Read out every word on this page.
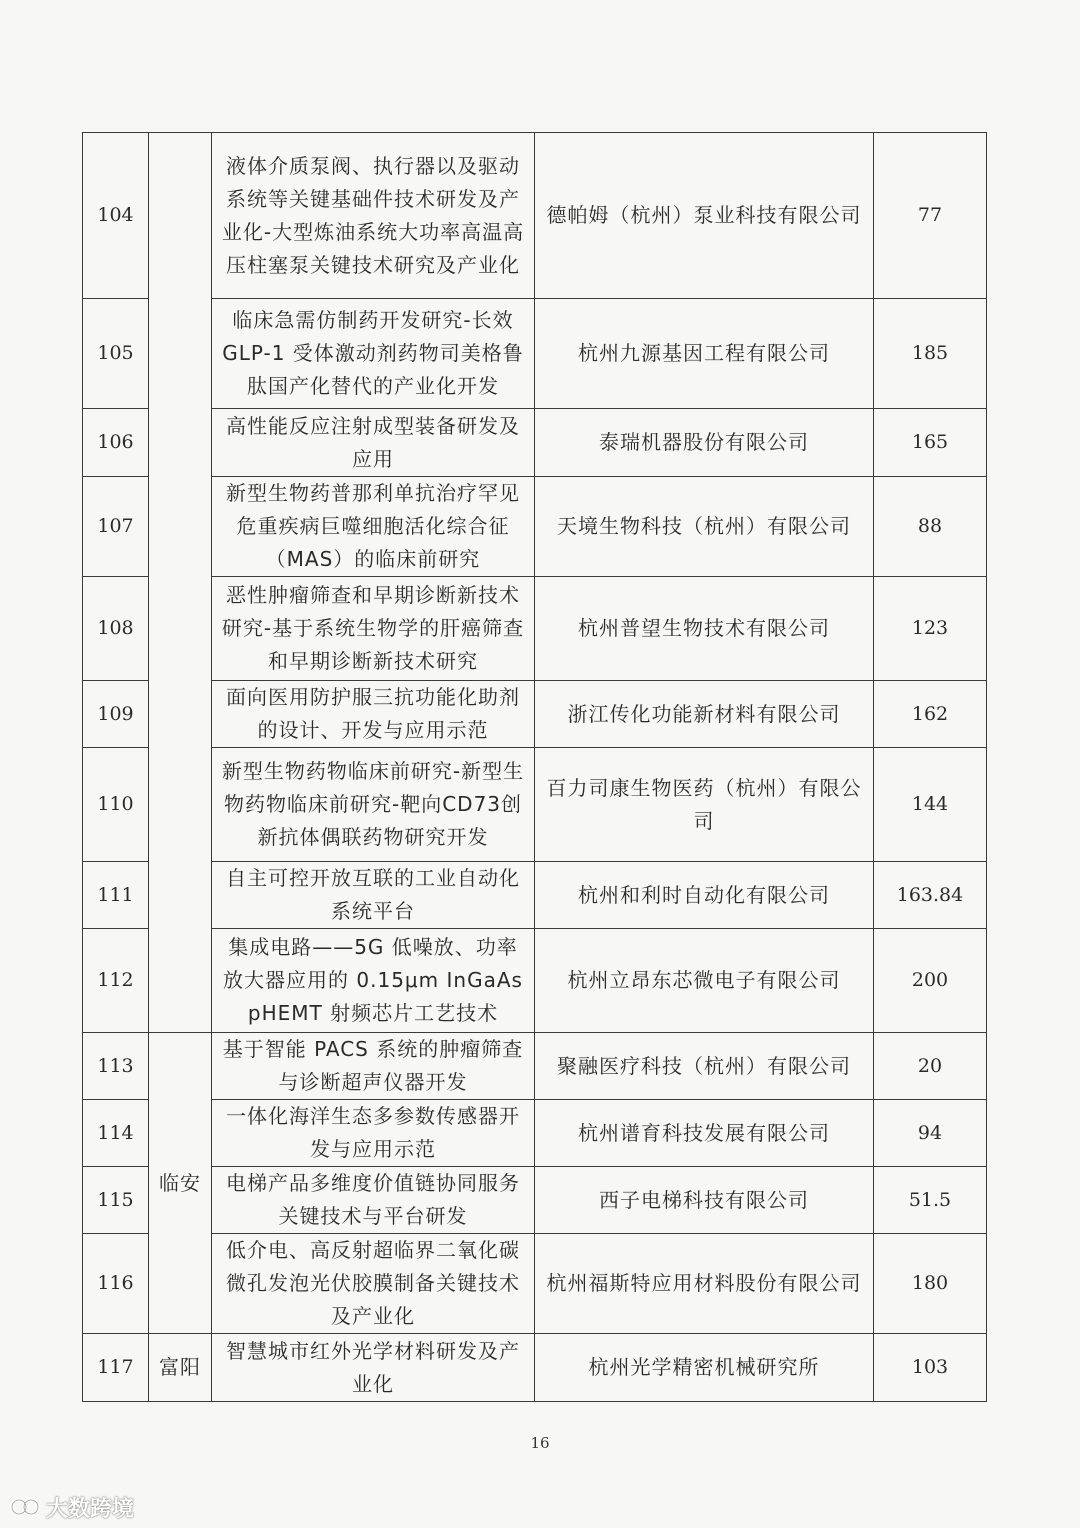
104		液体介质泵阀、执行器以及驱动系统等关键基础件技术研发及产业化-大型炼油系统大功率高温高压柱塞泵关键技术研究及产业化	德帕姆（杭州）泵业科技有限公司	77
105		临床急需仿制药开发研究-长效GLP-1 受体激动剂药物司美格鲁肽国产化替代的产业化开发	杭州九源基因工程有限公司	185
106		高性能反应注射成型装备研发及应用	泰瑞机器股份有限公司	165
107		新型生物药普那利单抗治疗罕见危重疾病巨噬细胞活化综合征（MAS）的临床前研究	天境生物科技（杭州）有限公司	88
108		恶性肿瘤筛查和早期诊断新技术研究-基于系统生物学的肝癌筛查和早期诊断新技术研究	杭州普望生物技术有限公司	123
109		面向医用防护服三抗功能化助剂的设计、开发与应用示范	浙江传化功能新材料有限公司	162
110		新型生物药物临床前研究-新型生物药物临床前研究-靶向CD73创新抗体偶联药物研究开发	百力司康生物医药（杭州）有限公司	144
111		自主可控开放互联的工业自动化系统平台	杭州和利时自动化有限公司	163.84
112		集成电路——5G 低噪放、功率放大器应用的 0.15μm InGaAs pHEMT 射频芯片工艺技术	杭州立昂东芯微电子有限公司	200
113	临安	基于智能 PACS 系统的肿瘤筛查与诊断超声仪器开发	聚融医疗科技（杭州）有限公司	20
114		一体化海洋生态多参数传感器开发与应用示范	杭州谱育科技发展有限公司	94
115		电梯产品多维度价值链协同服务关键技术与平台研发	西子电梯科技有限公司	51.5
116		低介电、高反射超临界二氧化碳微孔发泡光伏胶膜制备关键技术及产业化	杭州福斯特应用材料股份有限公司	180
117	富阳	智慧城市红外光学材料研发及产业化	杭州光学精密机械研究所	103
16
大数跨境
